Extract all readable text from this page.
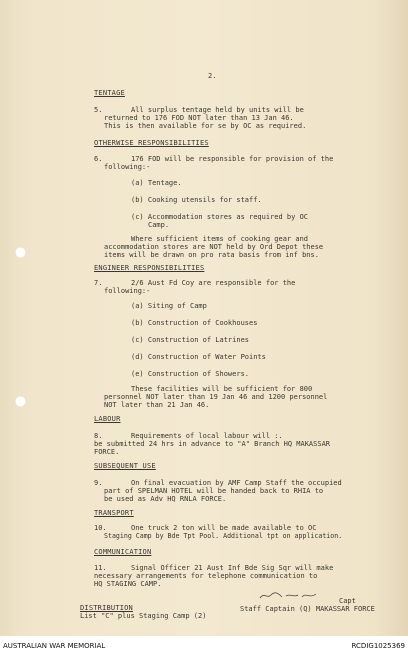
2.
TENTAGE
5.	All surplus tentage held by units will be
returned to 176 FOD NOT later than 13 Jan 46.
This is then available for se by OC as required.
OTHERWISE RESPONSIBILITIES
6.	176 FOD will be responsible for provision of the
following:-
(a) Tentage.
(b) Cooking utensils for staff.
(c) Accommodation stores as required by OC
Camp.
Where sufficient items of cooking gear and
accommodation stores are NOT held by Ord Depot these
items will be drawn on pro rata basis from inf bns.
ENGINEER RESPONSIBILITIES
7.	2/6 Aust Fd Coy are responsible for the
following:-
(a) Siting of Camp
(b) Construction of Cookhouses
(c) Construction of Latrines
(d) Construction of Water Points
(e) Construction of Showers.
These facilities will be sufficient for 800
personnel NOT later than 19 Jan 46 and 1200 personnel
NOT later than 21 Jan 46.
LABOUR
8.	Requirements of local labour will :.
be submitted 24 hrs in advance to "A" Branch HQ MAKASSAR
FORCE.
SUBSEQUENT USE
9.	On final evacuation by AMF Camp Staff the occupied
part of SPELMAN HOTEL will be handed back to RHIA to
be used as Adv HQ RNLA FORCE.
TRANSPORT
10.	One truck 2 ton will be made available to OC
Staging Camp by Bde Tpt Pool. Additional tpt on application.
COMMUNICATION
11.	Signal Officer 21 Aust Inf Bde Sig Sqr will make
necessary arrangements for telephone communication to
HQ STAGING CAMP.
Capt
Staff Captain (Q) MAKASSAR FORCE
DISTRIBUTION
List "C" plus Staging Camp (2)
AUSTRALIAN WAR MEMORIAL	RCDIG1025369
